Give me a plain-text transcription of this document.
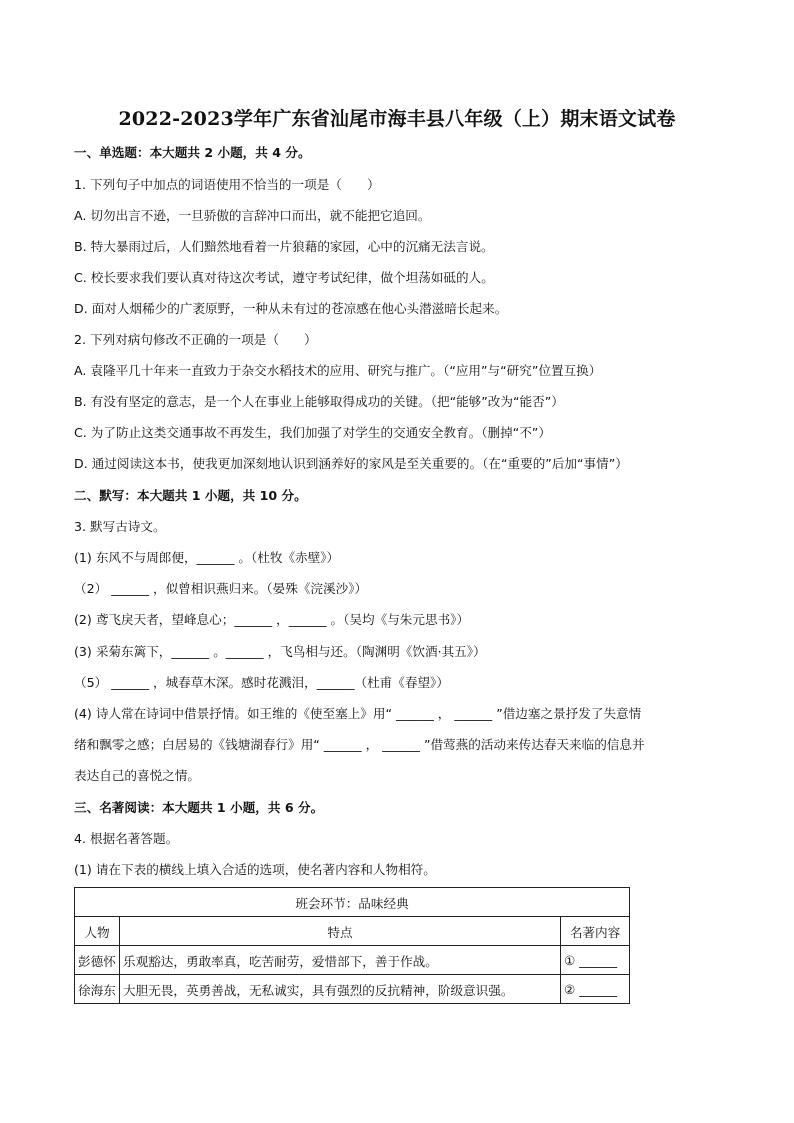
2022-2023学年广东省汕尾市海丰县八年级（上）期末语文试卷
一、单选题：本大题共 2 小题，共 4 分。
1. 下列句子中加点的词语使用不恰当的一项是（　　）
A. 切勿出言不逊，一旦骄傲的言辞冲口而出，就不能把它追回。
B. 特大暴雨过后，人们黯然地看着一片狼藉的家园，心中的沉痛无法言说。
C. 校长要求我们要认真对待这次考试，遵守考试纪律，做个坦荡如砥的人。
D. 面对人烟稀少的广袤原野，一种从未有过的苍凉感在他心头潜滋暗长起来。
2. 下列对病句修改不正确的一项是（　　）
A. 袁隆平几十年来一直致力于杂交水稻技术的应用、研究与推广。（“应用”与“研究”位置互换）
B. 有没有坚定的意志，是一个人在事业上能够取得成功的关键。（把“能够”改为“能否”）
C. 为了防止这类交通事故不再发生，我们加强了对学生的交通安全教育。（删掉“不”）
D. 通过阅读这本书，使我更加深刻地认识到涵养好的家风是至关重要的。（在“重要的”后加“事情”）
二、默写：本大题共 1 小题，共 10 分。
3. 默写古诗文。
(1) 东风不与周郎便，______ 。（杜牧《赤壁》）
（2） ______ ，似曾相识燕归来。（晏殊《浣溪沙》）
(2) 鸢飞戾天者，望峰息心；______ ，______ 。（吴均《与朱元思书》）
(3) 采菊东篱下，______ 。______ ，飞鸟相与还。（陶渊明《饮酒·其五》）
（5） ______ ，城春草木深。感时花溅泪，______（杜甫《春望》）
(4) 诗人常在诗词中借景抒情。如王维的《使至塞上》用“ ______ ， ______ ”借边塞之景抒发了失意情
绪和飘零之感；白居易的《钱塘湖春行》用“ ______ ， ______ ”借莺燕的活动来传达春天来临的信息并
表达自己的喜悦之情。
三、名著阅读：本大题共 1 小题，共 6 分。
4. 根据名著答题。
(1) 请在下表的横线上填入合适的选项，使名著内容和人物相符。
班会环节：品味经典		
人物	特点	名著内容
彭德怀	乐观豁达，勇敢率真，吃苦耐劳，爱惜部下，善于作战。	① ______
徐海东	大胆无畏，英勇善战，无私诚实，具有强烈的反抗精神，阶级意识强。	② ______
